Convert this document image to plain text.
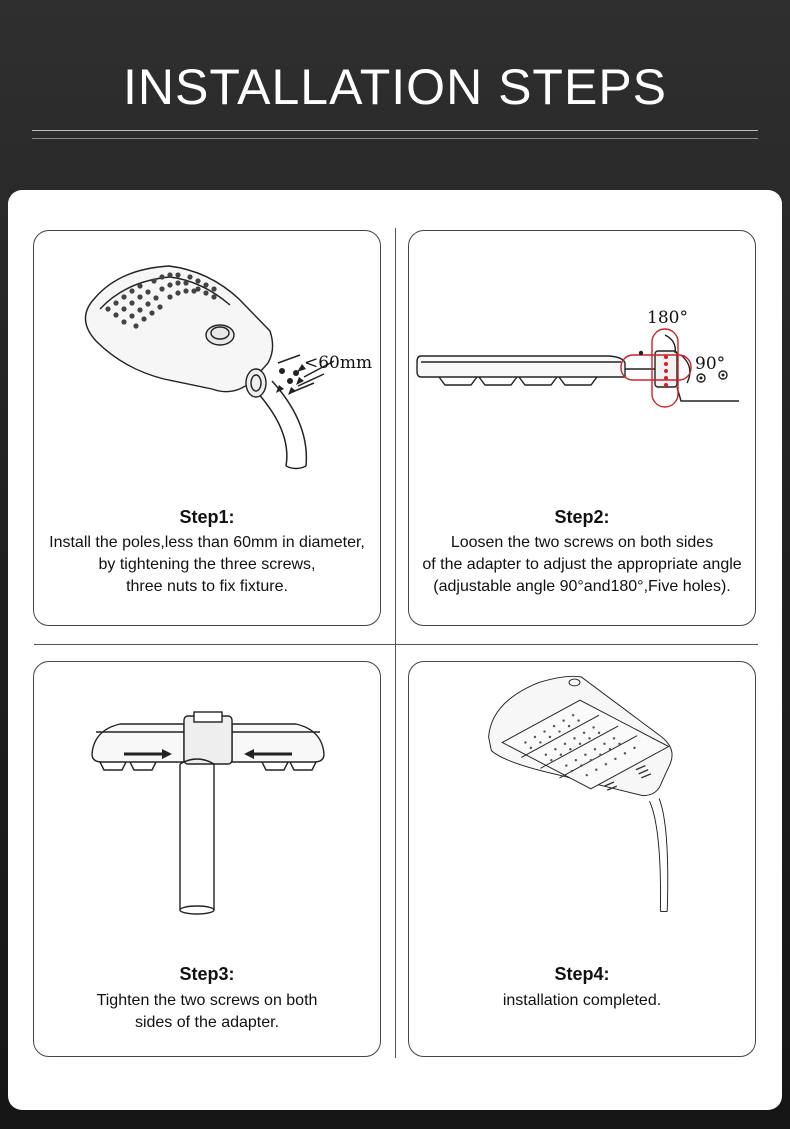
INSTALLATION STEPS
<60mm
Step1:
Install the poles,less than 60mm in diameter,
by tightening the three screws,
three nuts to fix fixture.
180°
90°
Step2:
Loosen the two screws on both sides
of the adapter to adjust the appropriate angle
(adjustable angle 90°and180°,Five holes).
Step3:
Tighten the two screws on both
sides of the adapter.
Step4:
installation completed.
